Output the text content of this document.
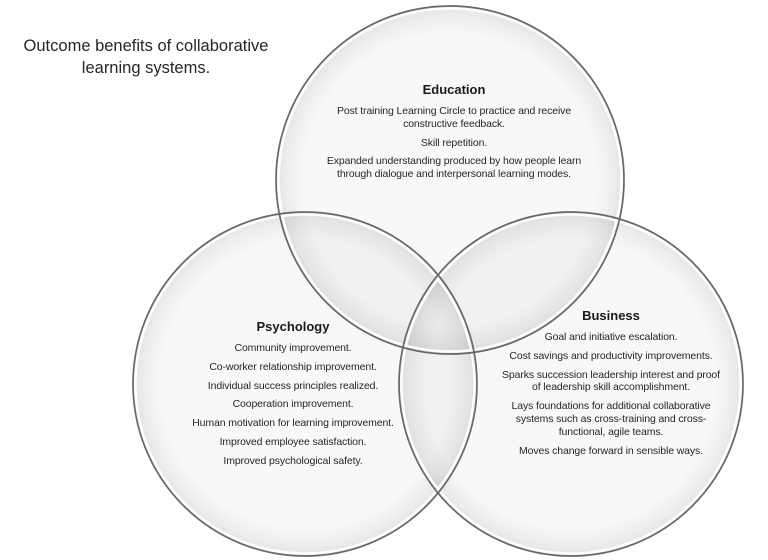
Outcome benefits of collaborative learning systems.
Education

Post training Learning Circle to practice and receive constructive feedback.

Skill repetition.

Expanded understanding produced by how people learn through dialogue and interpersonal learning modes.

Psychology

Community improvement.

Co-worker relationship improvement.

Individual success principles realized.

Cooperation improvement.

Human motivation for learning improvement.

Improved employee satisfaction.

Improved psychological safety.

Business

Goal and initiative escalation.

Cost savings and productivity improvements.

Sparks succession leadership interest and proof of leadership skill accomplishment.

Lays foundations for additional collaborative systems such as cross-training and cross-functional, agile teams.

Moves change forward in sensible ways.
